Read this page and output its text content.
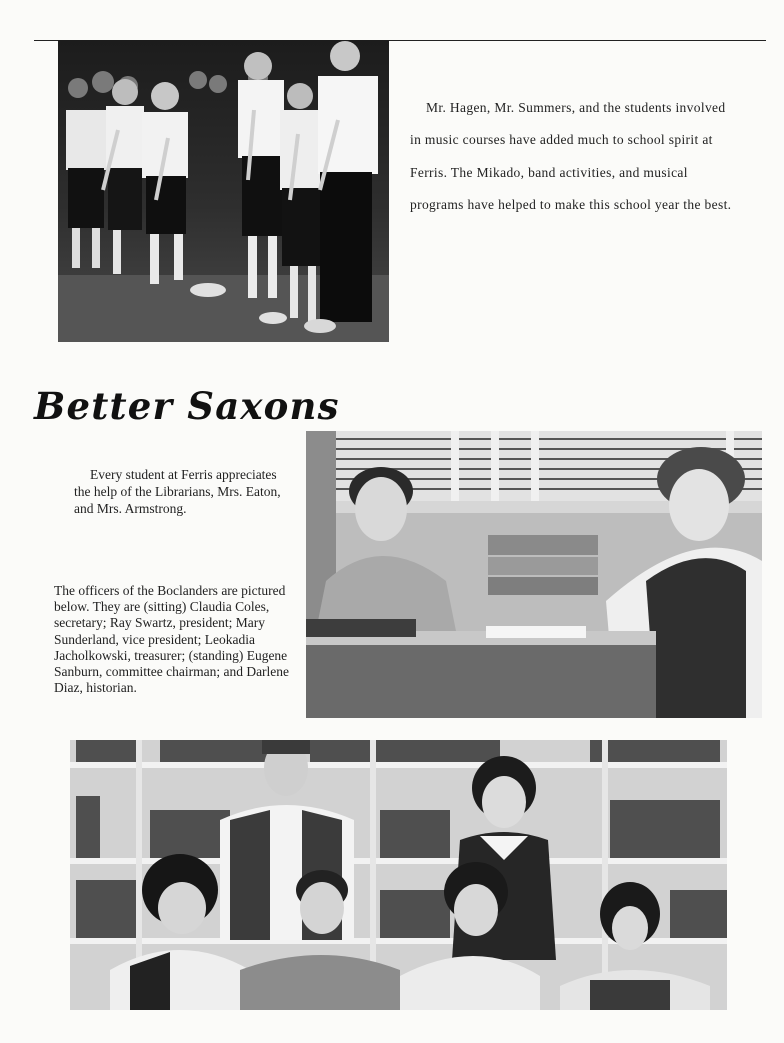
Mr. Hagen, Mr. Summers, and the students involved in music courses have added much to school spirit at Ferris. The Mikado, band activities, and musical programs have helped to make this school year the best.

Better Saxons

Every student at Ferris appreciates the help of the Librarians, Mrs. Eaton, and Mrs. Armstrong.

The officers of the Boclanders are pictured below. They are (sitting) Claudia Coles, secretary; Ray Swartz, president; Mary Sunderland, vice president; Leokadia Jacholkowski, treasurer; (standing) Eugene Sanburn, committee chairman; and Darlene Diaz, historian.
